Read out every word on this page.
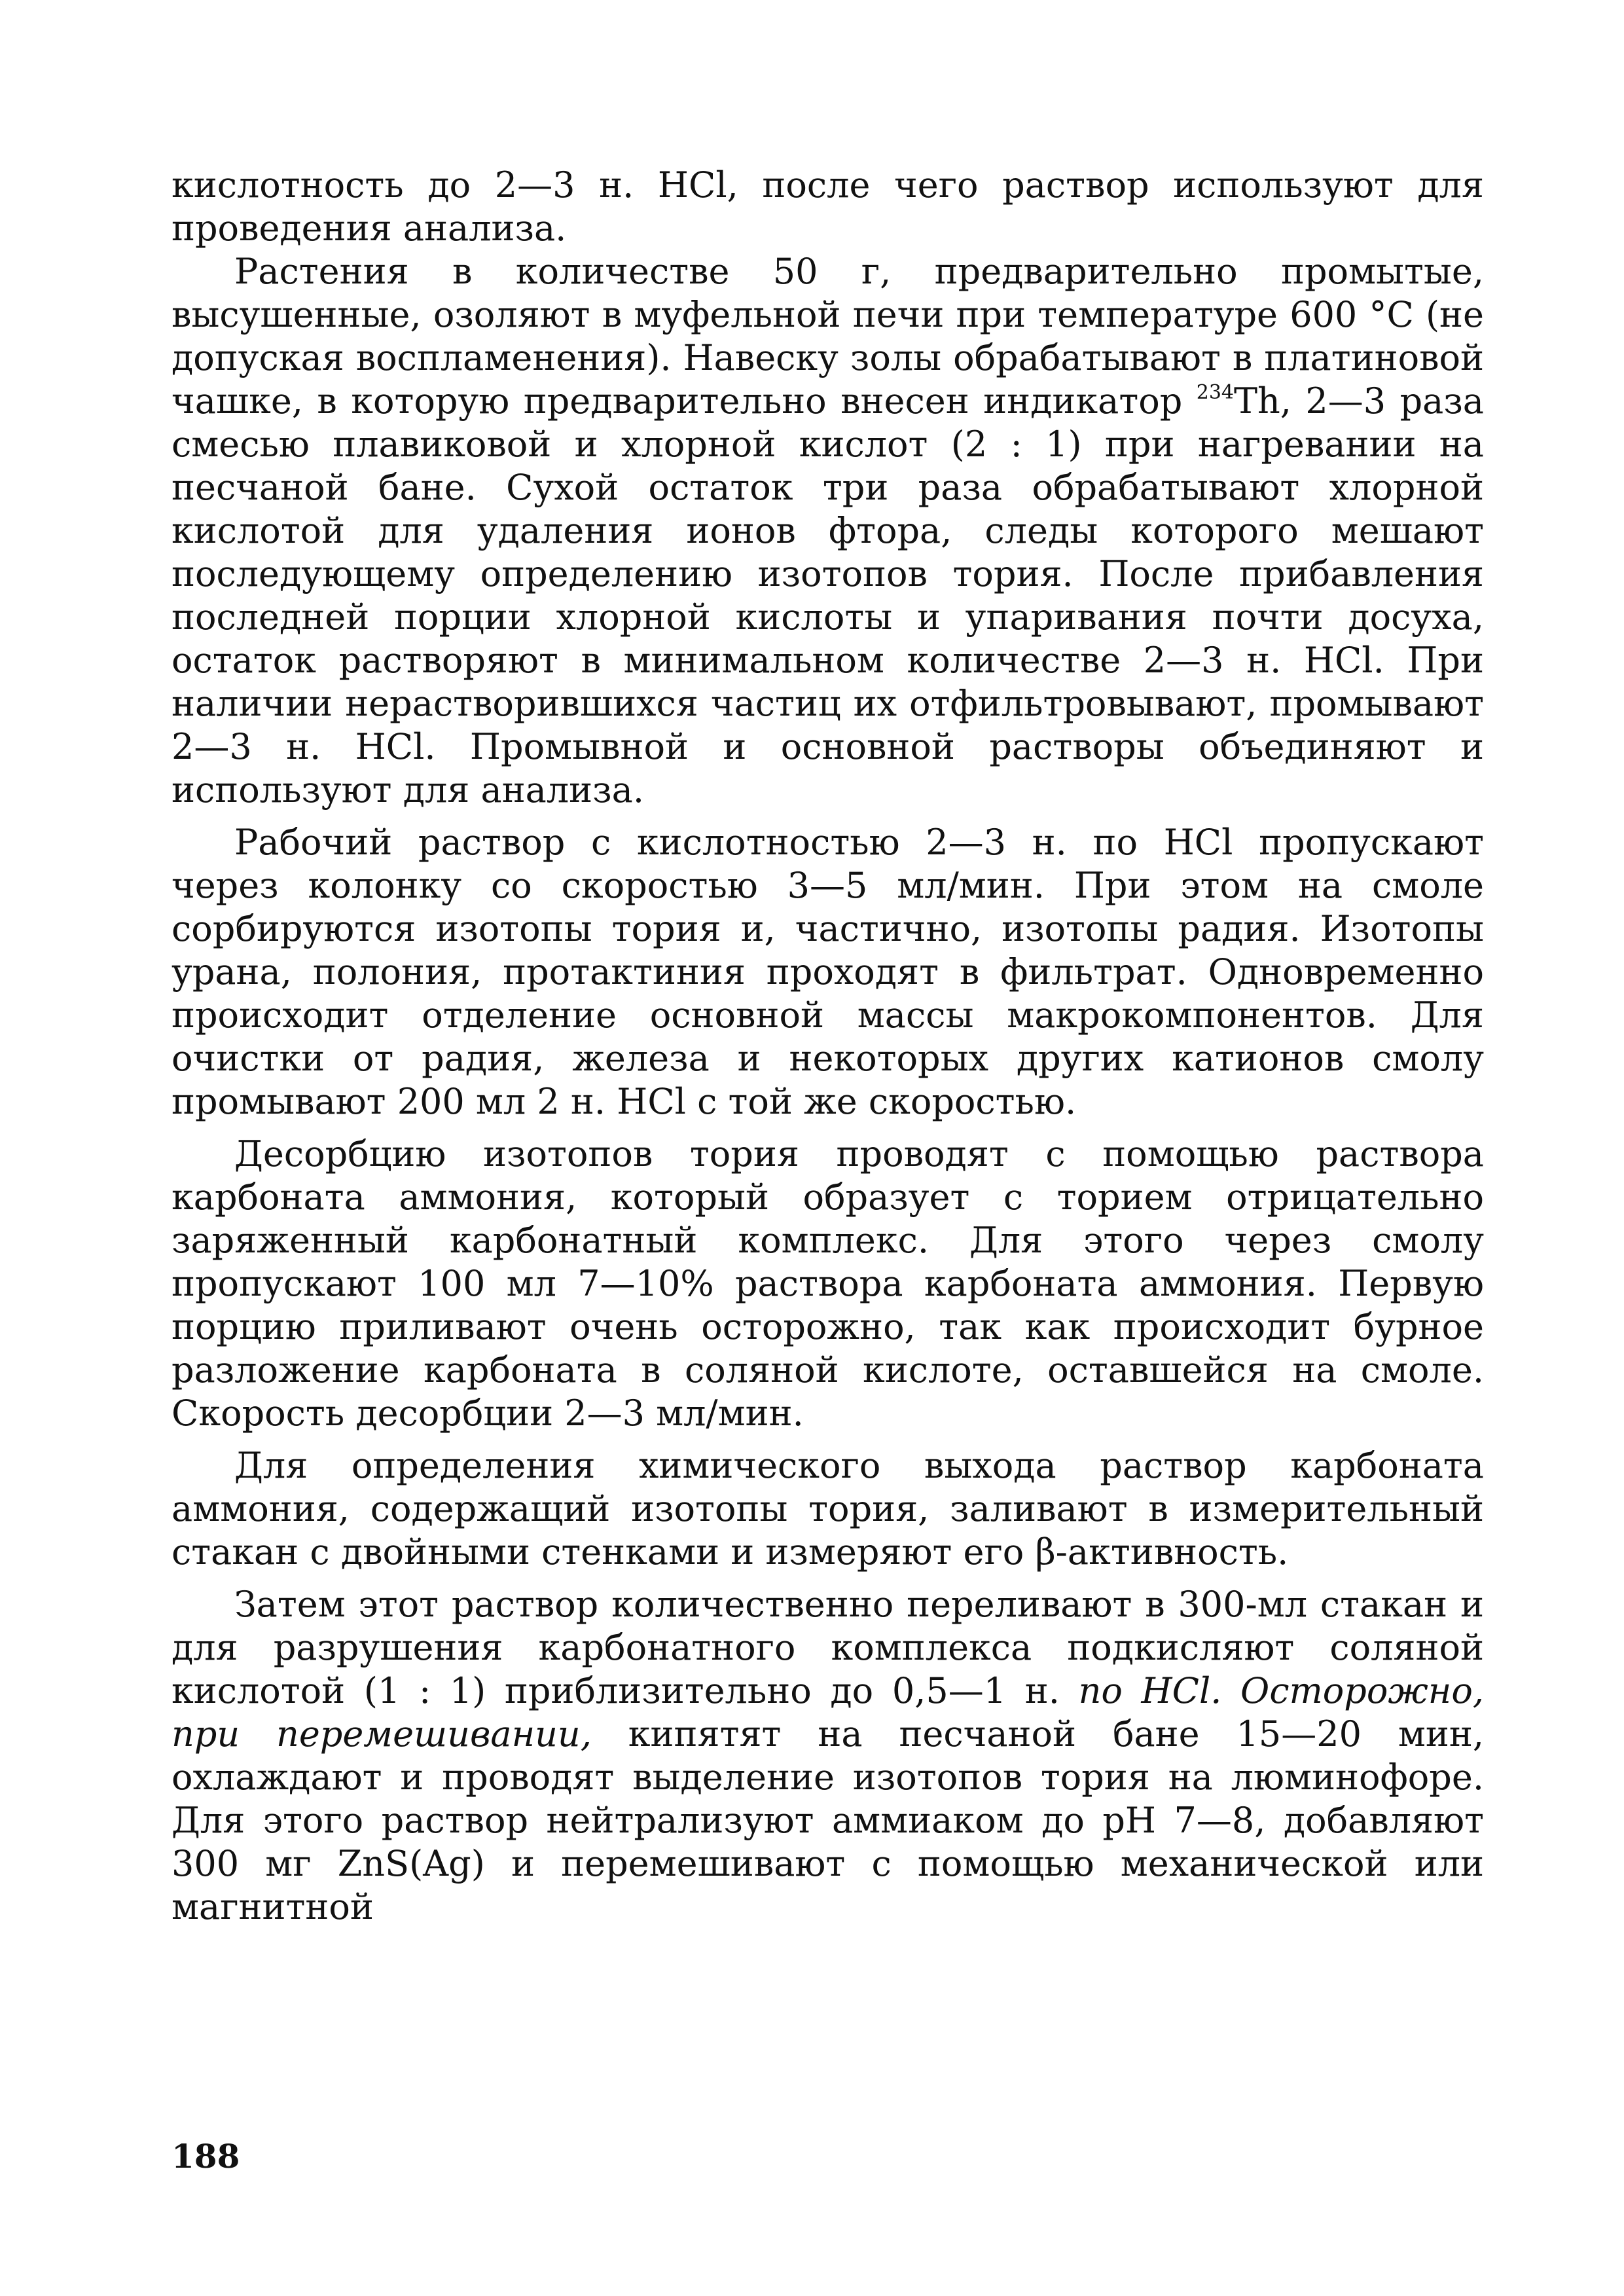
кислотность до 2—3 н. HCl, после чего раствор используют для проведения анализа.

Растения в количестве 50 г, предварительно промытые, высушенные, озоляют в муфельной печи при температуре 600 °С (не допуская воспламенения). Навеску золы обрабатывают в платиновой чашке, в которую предварительно внесен индикатор $^{234}$Th, 2—3 раза смесью плавиковой и хлорной кислот (2 : 1) при нагревании на песчаной бане. Сухой остаток три раза обрабатывают хлорной кислотой для удаления ионов фтора, следы которого мешают последующему определению изотопов тория. После прибавления последней порции хлорной кислоты и упаривания почти досуха, остаток растворяют в минимальном количестве 2—3 н. HCl. При наличии нерастворившихся частиц их отфильтровывают, промывают 2—3 н. HCl. Промывной и основной растворы объединяют и используют для анализа.

Рабочий раствор с кислотностью 2—3 н. по HCl пропускают через колонку со скоростью 3—5 мл/мин. При этом на смоле сорбируются изотопы тория и, частично, изотопы радия. Изотопы урана, полония, протактиния проходят в фильтрат. Одновременно происходит отделение основной массы макрокомпонентов. Для очистки от радия, железа и некоторых других катионов смолу промывают 200 мл 2 н. HCl с той же скоростью.

Десорбцию изотопов тория проводят с помощью раствора карбоната аммония, который образует с торием отрицательно заряженный карбонатный комплекс. Для этого через смолу пропускают 100 мл 7—10% раствора карбоната аммония. Первую порцию приливают очень осторожно, так как происходит бурное разложение карбоната в соляной кислоте, оставшейся на смоле. Скорость десорбции 2—3 мл/мин.

Для определения химического выхода раствор карбоната аммония, содержащий изотопы тория, заливают в измерительный стакан с двойными стенками и измеряют его β-активность.

Затем этот раствор количественно переливают в 300-мл стакан и для разрушения карбонатного комплекса подкисляют соляной кислотой (1 : 1) приблизительно до 0,5—1 н. по HCl. Осторожно, при перемешивании, кипятят на песчаной бане 15—20 мин, охлаждают и проводят выделение изотопов тория на люминофоре. Для этого раствор нейтрализуют аммиаком до pH 7—8, добавляют 300 мг ZnS(Ag) и перемешивают с помощью механической или магнитной

188
